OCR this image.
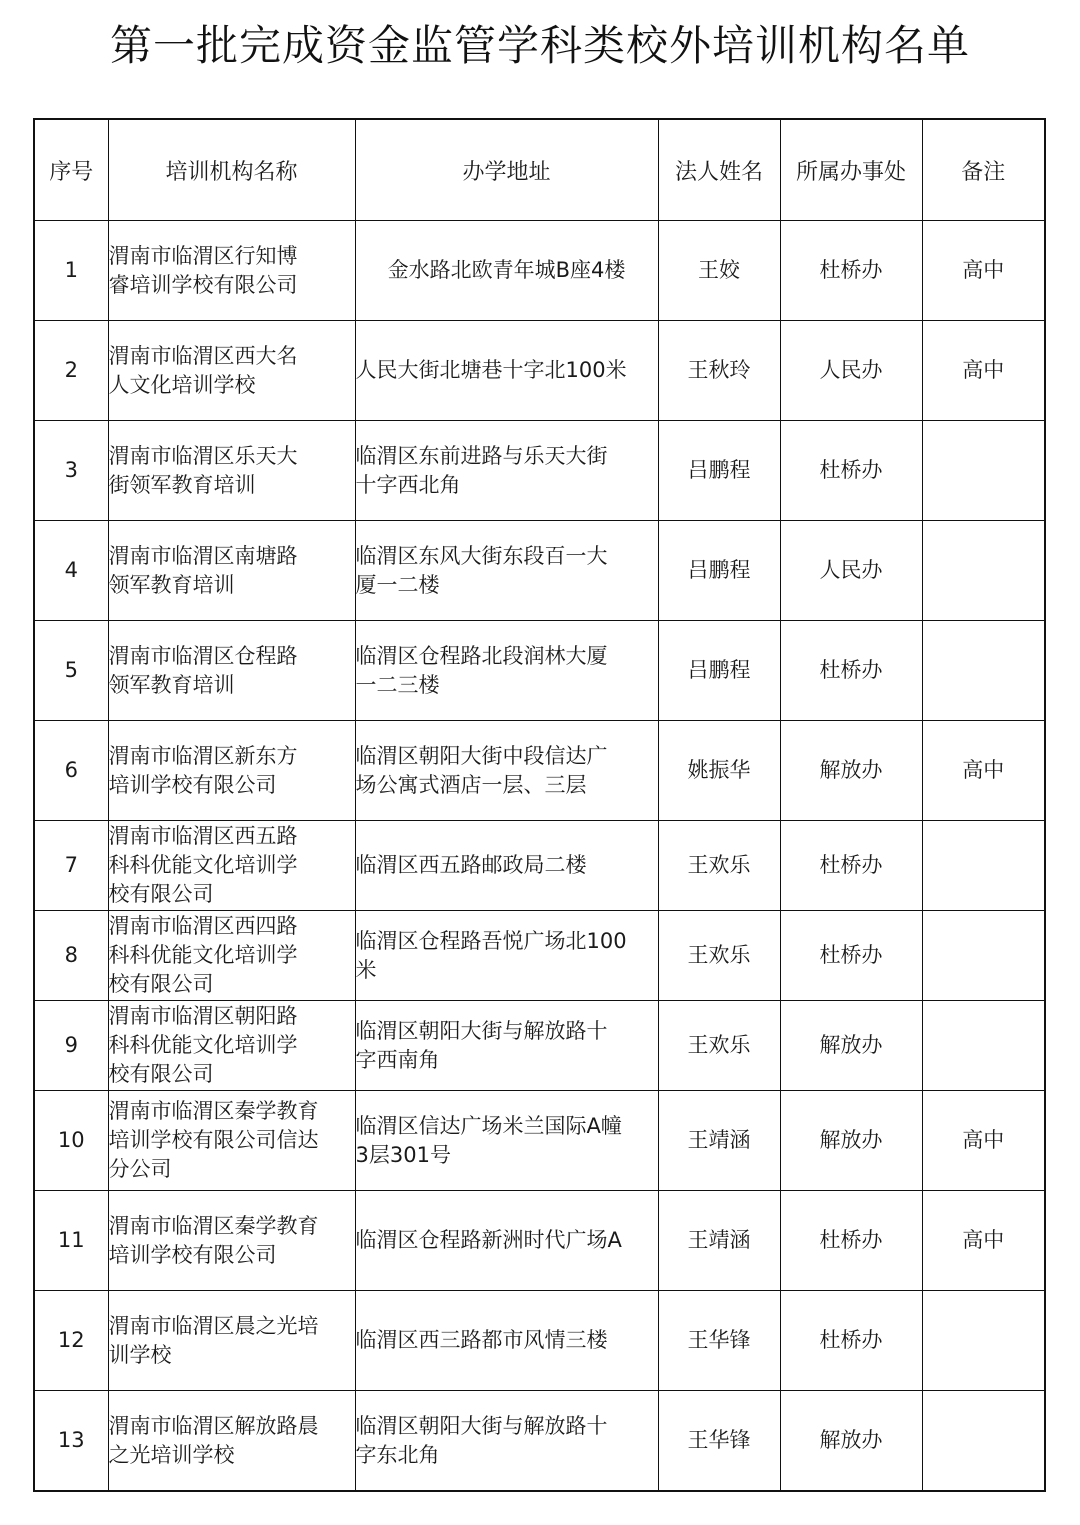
第一批完成资金监管学科类校外培训机构名单
序号	培训机构名称	办学地址	法人姓名	所属办事处	备注
1	渭南市临渭区行知博
睿培训学校有限公司	金水路北欧青年城B座4楼	王姣	杜桥办	高中
2	渭南市临渭区西大名
人文化培训学校	人民大街北塘巷十字北100米	王秋玲	人民办	高中
3	渭南市临渭区乐天大
街领军教育培训	临渭区东前进路与乐天大街
十字西北角	吕鹏程	杜桥办	
4	渭南市临渭区南塘路
领军教育培训	临渭区东风大街东段百一大
厦一二楼	吕鹏程	人民办	
5	渭南市临渭区仓程路
领军教育培训	临渭区仓程路北段润林大厦
一二三楼	吕鹏程	杜桥办	
6	渭南市临渭区新东方
培训学校有限公司	临渭区朝阳大街中段信达广
场公寓式酒店一层、三层	姚振华	解放办	高中
7	渭南市临渭区西五路
科科优能文化培训学
校有限公司	临渭区西五路邮政局二楼	王欢乐	杜桥办	
8	渭南市临渭区西四路
科科优能文化培训学
校有限公司	临渭区仓程路吾悦广场北100
米	王欢乐	杜桥办	
9	渭南市临渭区朝阳路
科科优能文化培训学
校有限公司	临渭区朝阳大街与解放路十
字西南角	王欢乐	解放办	
10	渭南市临渭区秦学教育
培训学校有限公司信达
分公司	临渭区信达广场米兰国际A幢
3层301号	王靖涵	解放办	高中
11	渭南市临渭区秦学教育
培训学校有限公司	临渭区仓程路新洲时代广场A	王靖涵	杜桥办	高中
12	渭南市临渭区晨之光培
训学校	临渭区西三路都市风情三楼	王华锋	杜桥办	
13	渭南市临渭区解放路晨
之光培训学校	临渭区朝阳大街与解放路十
字东北角	王华锋	解放办	
